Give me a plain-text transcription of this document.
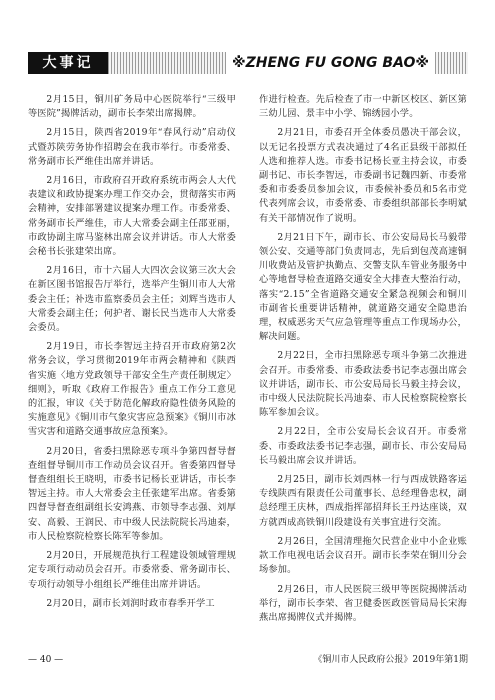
大事记	※ZHENG FU GONG BAO※

2月15日，铜川矿务局中心医院举行“三级甲等医院”揭牌活动，副市长李荣出席揭牌。

2月15日，陕西省2019年“春风行动”启动仪式暨苏陕劳务协作招聘会在我市举行。市委常委、常务副市长严维佳出席并讲话。

2月16日，市政府召开政府系统市两会人大代表建议和政协提案办理工作交办会，贯彻落实市两会精神，安排部署建议提案办理工作。市委常委、常务副市长严维佳，市人大常委会副主任邵亚丽，市政协副主席马鉴林出席会议并讲话。市人大常委会秘书长张建荣出席。

2月16日，市十六届人大四次会议第三次大会在新区图书馆报告厅举行，选举产生铜川市人大常委会主任；补选市监察委员会主任；刘辉当选市人大常委会副主任；何护者、谢长民当选市人大常委会委员。

2月19日，市长李智远主持召开市政府第2次常务会议，学习贯彻2019年市两会精神和《陕西省实施〈地方党政领导干部安全生产责任制规定〉细则》，听取《政府工作报告》重点工作分工意见的汇报，审议《关于防范化解政府隐性债务风险的实施意见》《铜川市气象灾害应急预案》《铜川市冰雪灾害和道路交通事故应急预案》。

2月20日，省委扫黑除恶专项斗争第四督导督查组督导铜川市工作动员会议召开。省委第四督导督查组组长王晓明，市委书记杨长亚讲话，市长李智远主持。市人大常委会主任张建军出席。省委第四督导督查组副组长安鸿燕、市领导李志强、刘厚安、高毅、王润民、市中级人民法院院长冯迪泰，市人民检察院检察长陈军等参加。

2月20日，开展规范执行工程建设领域管理规定专项行动动员会召开。市委常委、常务副市长、专项行动领导小组组长严维佳出席并讲话。

2月20日，副市长刘润时政市春季开学工

作进行检查。先后检查了市一中新区校区、新区第三幼儿园、景丰中小学、锦绣园小学。

2月21日，市委召开全体委员愚决干部会议，以无记名投票方式表决通过了4名正县级干部拟任人选和推荐人选。市委书记杨长亚主持会议，市委副书记、市长李智远，市委副书记魏四新、市委常委和市委委员参加会议，市委候补委员和5名市党代表列席会议，市委常委、市委组织部部长李明斌有关干部情况作了说明。

2月21日下午，副市长、市公安局局长马毅带领公安、交通等部门负责同志，先后到包茂高速铜川收费站及管护执勤点、交警支队车管业务服务中心等地督导检查道路交通安全大排查大整治行动，落实“2.15”全省道路交通安全紧急视频会和铜川市副省长重要讲话精神，就道路交通安全隐患治理，权威恶劣天气应急管理等重点工作现场办公，解决问题。

2月22日，全市扫黑除恶专项斗争第二次推进会召开。市委常委、市委政法委书记李志强出席会议并讲话，副市长、市公安局局长马毅主持会议，市中级人民法院院长冯迪泰、市人民检察院检察长陈军参加会议。

2月22日，全市公安局长会议召开。市委常委、市委政法委书记李志强，副市长、市公安局局长马毅出席会议并讲话。

2月25日，副市长刘西林一行与西成铁路客运专线陕西有限责任公司董事长、总经理鲁忠权，副总经理王庆林，西成指挥部招拜长王丹达座谈，双方就西成高铁铜川段建设有关事宜进行交流。

2月26日，全国清理拖欠民营企业中小企业账款工作电视电话会议召开。副市长李荣在铜川分会场参加。

2月26日，市人民医院三级甲等医院揭牌活动举行，副市长李荣、省卫健委医政医管局局长宋海燕出席揭牌仪式并揭牌。

— 40 —	《铜川市人民政府公报》2019年第1期
